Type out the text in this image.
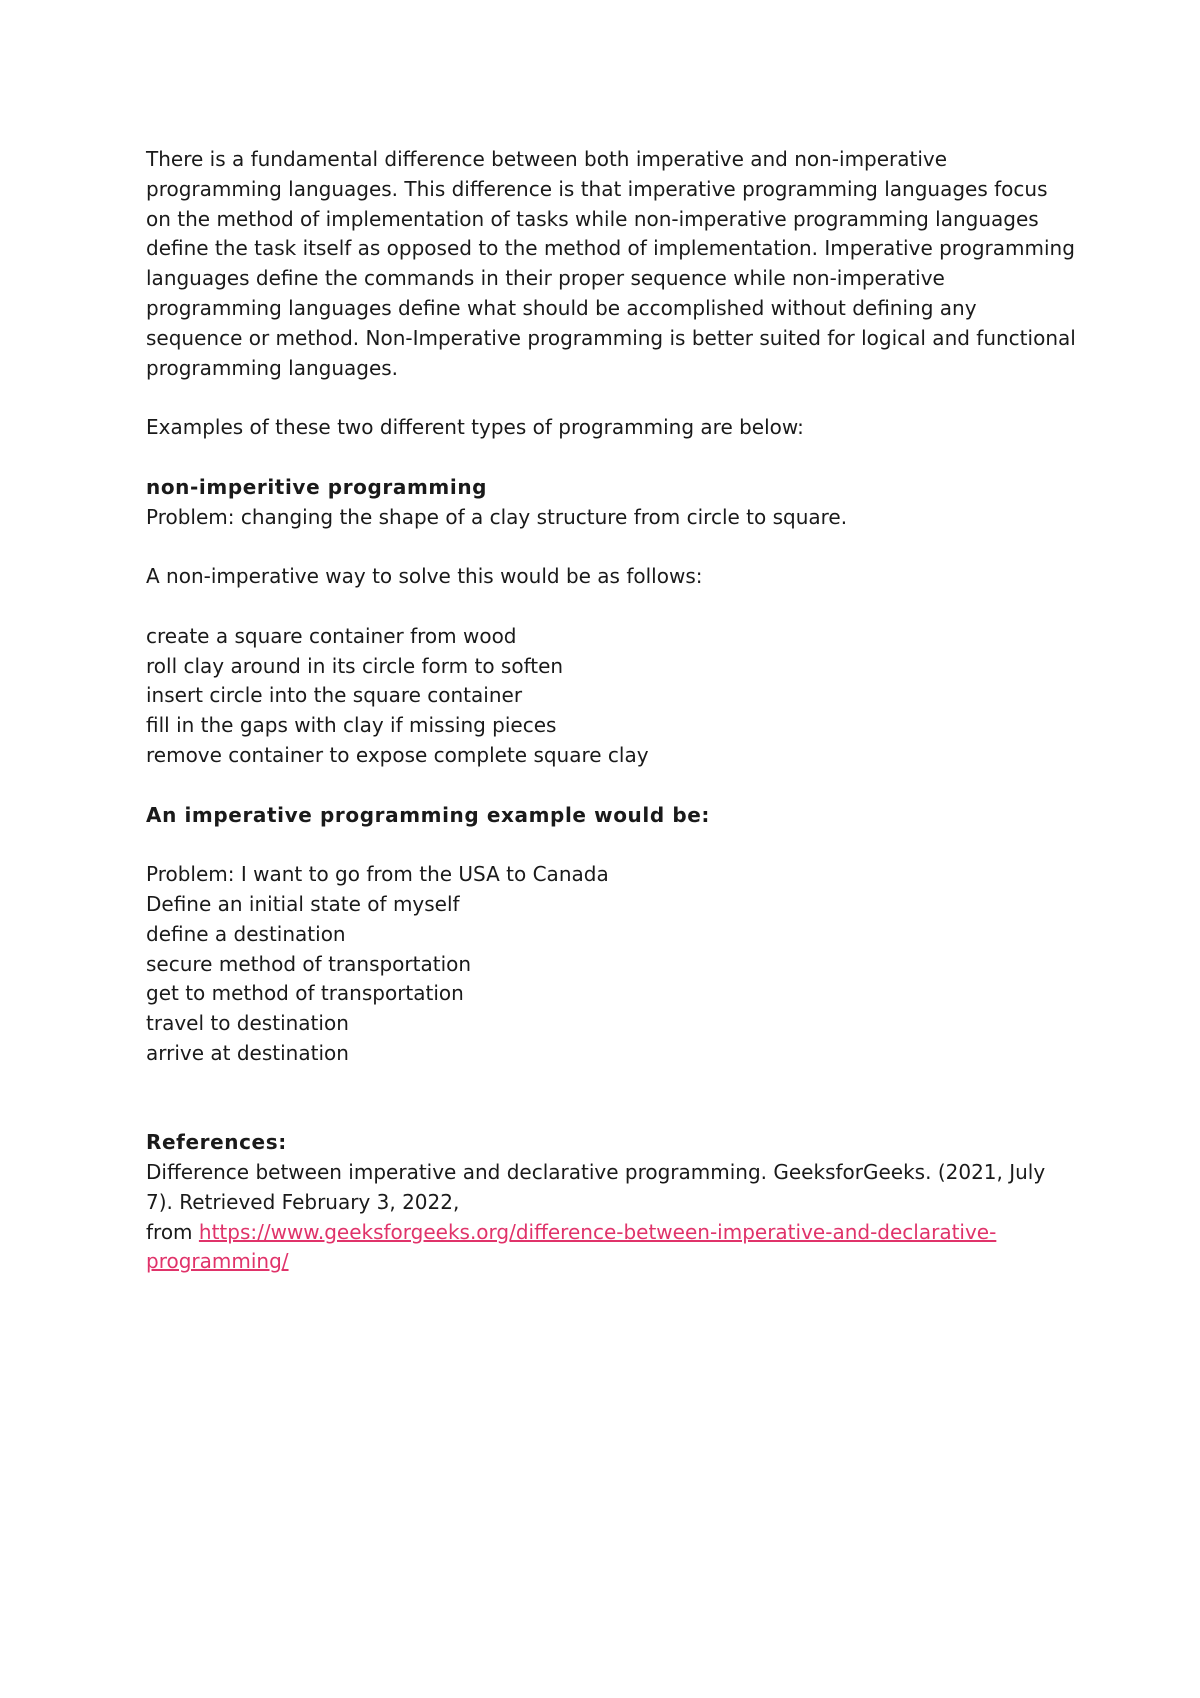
There is a fundamental difference between both imperative and non-imperative programming languages. This difference is that imperative programming languages focus on the method of implementation of tasks while non-imperative programming languages define the task itself as opposed to the method of implementation. Imperative programming languages define the commands in their proper sequence while non-imperative programming languages define what should be accomplished without defining any sequence or method. Non-Imperative programming is better suited for logical and functional programming languages.

Examples of these two different types of programming are below:

non-imperitive programming

Problem: changing the shape of a clay structure from circle to square.

A non-imperative way to solve this would be as follows:

create a square container from wood

roll clay around in its circle form to soften

insert circle into the square container

fill in the gaps with clay if missing pieces

remove container to expose complete square clay

An imperative programming example would be:

Problem: I want to go from the USA to Canada

Define an initial state of myself

define a destination

secure method of transportation

get to method of transportation

travel to destination

arrive at destination

References:

Difference between imperative and declarative programming. GeeksforGeeks. (2021, July 7). Retrieved February 3, 2022,

from https://www.geeksforgeeks.org/difference-between-imperative-and-declarative-programming/
